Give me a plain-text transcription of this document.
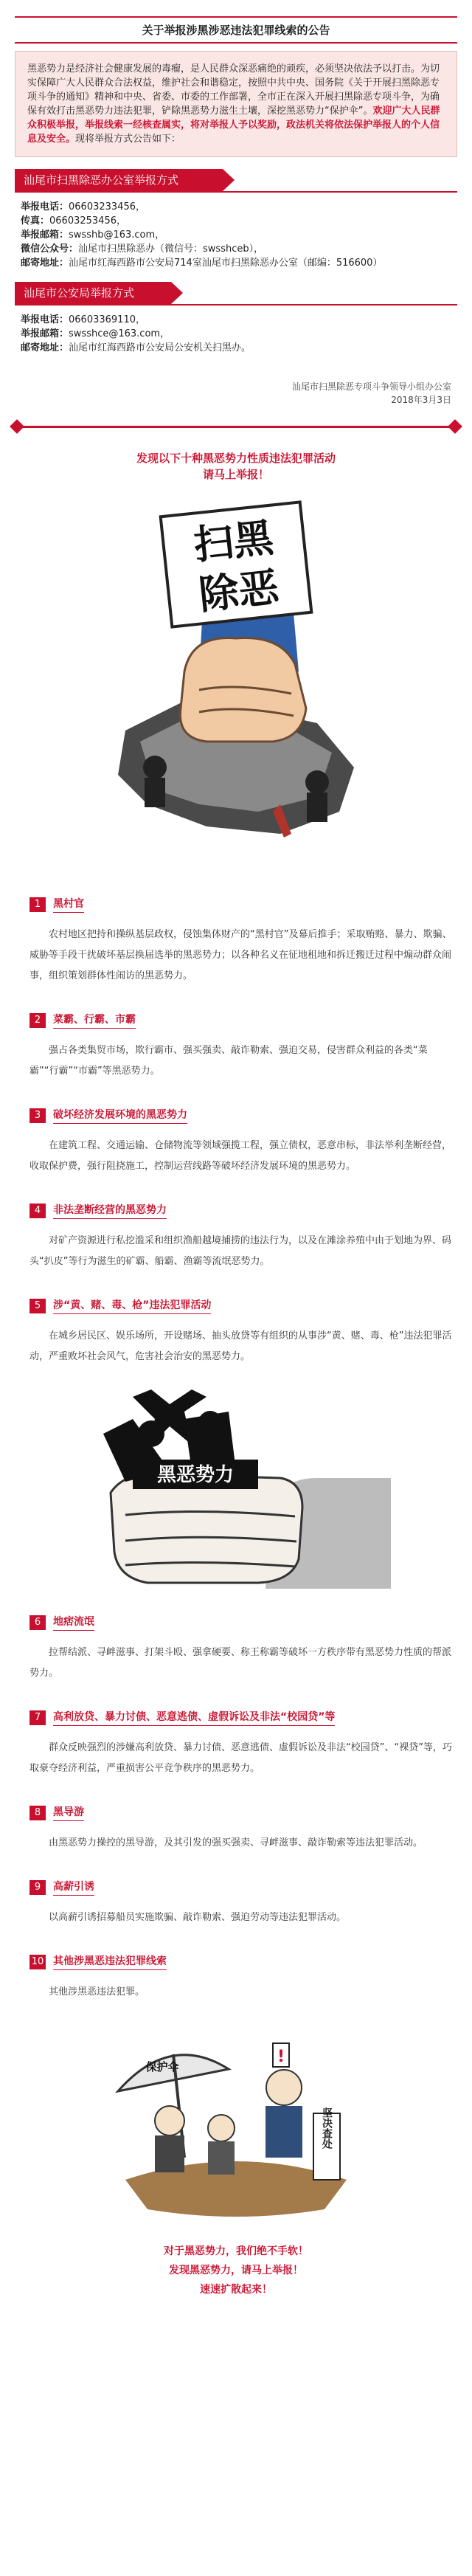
关于举报涉黑涉恶违法犯罪线索的公告
黑恶势力是经济社会健康发展的毒瘤，是人民群众深恶痛绝的顽疾，必须坚决依法予以打击。为切实保障广大人民群众合法权益，维护社会和谐稳定，按照中共中央、国务院《关于开展扫黑除恶专项斗争的通知》精神和中央、省委、市委的工作部署，全市正在深入开展扫黑除恶专项斗争，为确保有效打击黑恶势力违法犯罪，铲除黑恶势力滋生土壤，深挖黑恶势力“保护伞”。欢迎广大人民群众积极举报，举报线索一经核查属实，将对举报人予以奖励，政法机关将依法保护举报人的个人信息及安全。现将举报方式公告如下：
汕尾市扫黑除恶办公室举报方式
举报电话：06603233456，
传真：06603253456，
举报邮箱：swsshb@163.com，
微信公众号：汕尾市扫黑除恶办（微信号：swsshceb），
邮寄地址：汕尾市红海西路市公安局714室汕尾市扫黑除恶办公室（邮编：516600）
汕尾市公安局举报方式
举报电话：06603369110，
举报邮箱：swsshce@163.com，
邮寄地址：汕尾市红海西路市公安局公安机关扫黑办。
汕尾市扫黑除恶专项斗争领导小组办公室
2018年3月3日
发现以下十种黑恶势力性质违法犯罪活动
请马上举报！
扫黑
除恶
1	黑村官
农村地区把持和操纵基层政权，侵蚀集体财产的“黑村官”及幕后推手；采取贿赂、暴力、欺骗、威胁等手段干扰破坏基层换届选举的黑恶势力；以各种名义在征地租地和拆迁搬迁过程中煽动群众闹事，组织策划群体性闹访的黑恶势力。
2	菜霸、行霸、市霸
强占各类集贸市场，欺行霸市、强买强卖、敲诈勒索、强迫交易，侵害群众利益的各类“菜霸”“行霸”“市霸”等黑恶势力。
3	破坏经济发展环境的黑恶势力
在建筑工程、交通运输、仓储物流等领域强揽工程，强立债权，恶意串标，非法举利垄断经营，收取保护费，强行阻挠施工，控制运营线路等破坏经济发展环境的黑恶势力。
4	非法垄断经营的黑恶势力
对矿产资源进行私挖滥采和组织渔船越境捕捞的违法行为，以及在滩涂养殖中由于划地为界、码头“扒皮”等行为滋生的矿霸、船霸、渔霸等流氓恶势力。
5	涉“黄、赌、毒、枪”违法犯罪活动
在城乡居民区、娱乐场所，开设赌场、抽头放贷等有组织的从事涉“黄、赌、毒、枪”违法犯罪活动，严重败坏社会风气，危害社会治安的黑恶势力。
黑恶势力
6	地痞流氓
拉帮结派、寻衅滋事、打架斗殴、强拿硬要、称王称霸等破坏一方秩序带有黑恶势力性质的帮派势力。
7	高利放贷、暴力讨债、恶意逃债、虚假诉讼及非法“校园贷”等
群众反映强烈的涉嫌高利放贷、暴力讨债、恶意逃债、虚假诉讼及非法“校园贷”、“裸贷”等，巧取豪夺经济利益，严重损害公平竞争秩序的黑恶势力。
8	黑导游
由黑恶势力操控的黑导游，及其引发的强买强卖、寻衅滋事、敲诈勒索等违法犯罪活动。
9	高薪引诱
以高薪引诱招募船员实施欺骗、敲诈勒索、强迫劳动等违法犯罪活动。
10 其他涉黑恶违法犯罪线索
其他涉黑恶违法犯罪。
保护伞
!
坚决查处
对于黑恶势力，我们绝不手软！
发现黑恶势力，请马上举报！
速速扩散起来！
